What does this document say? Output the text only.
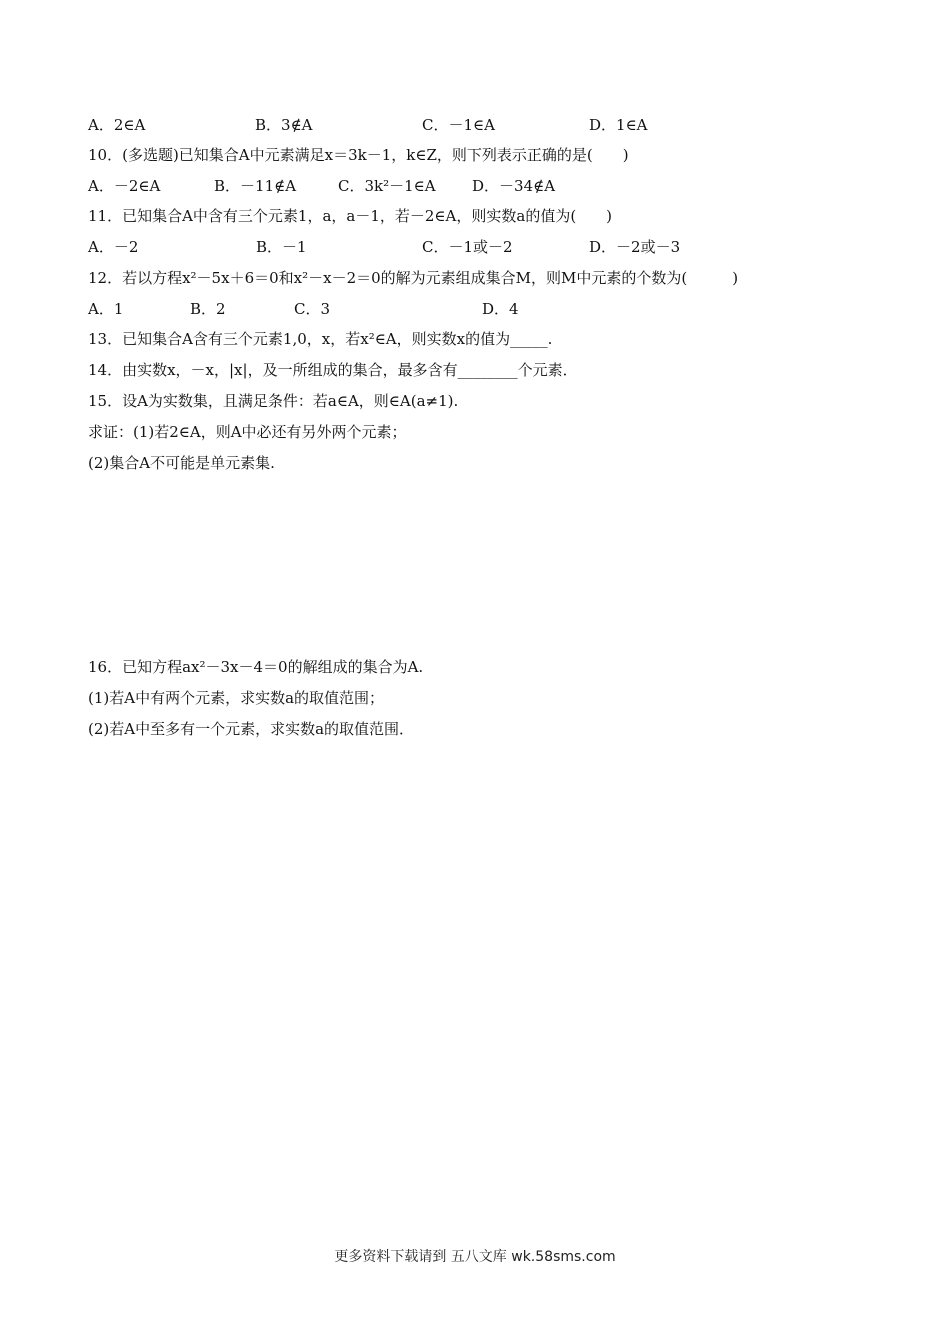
A．2∈A	B．3∉A	C．－1∈A	D．1∈A
10．(多选题)已知集合A中元素满足x＝3k－1，k∈Z，则下列表示正确的是(　　)
A．－2∈A	B．－11∉A	C．3k²－1∈A D．－34∉A
11．已知集合A中含有三个元素1，a，a－1，若－2∈A，则实数a的值为(　　)
A．－2	B．－1	C．－1或－2	D．－2或－3
12．若以方程x²－5x＋6＝0和x²－x－2＝0的解为元素组成集合M，则M中元素的个数为(　　　)
A．1	B．2	C．3	D．4
13．已知集合A含有三个元素1,0，x，若x²∈A，则实数x的值为_____.
14．由实数x，－x，|x|，及一所组成的集合，最多含有________个元素．
15．设A为实数集，且满足条件：若a∈A，则∈A(a≠1).
求证：(1)若2∈A，则A中必还有另外两个元素；
(2)集合A不可能是单元素集.
16．已知方程ax²－3x－4＝0的解组成的集合为A.
(1)若A中有两个元素，求实数a的取值范围；
(2)若A中至多有一个元素，求实数a的取值范围．
更多资料下载请到 五八文库 wk.58sms.com
